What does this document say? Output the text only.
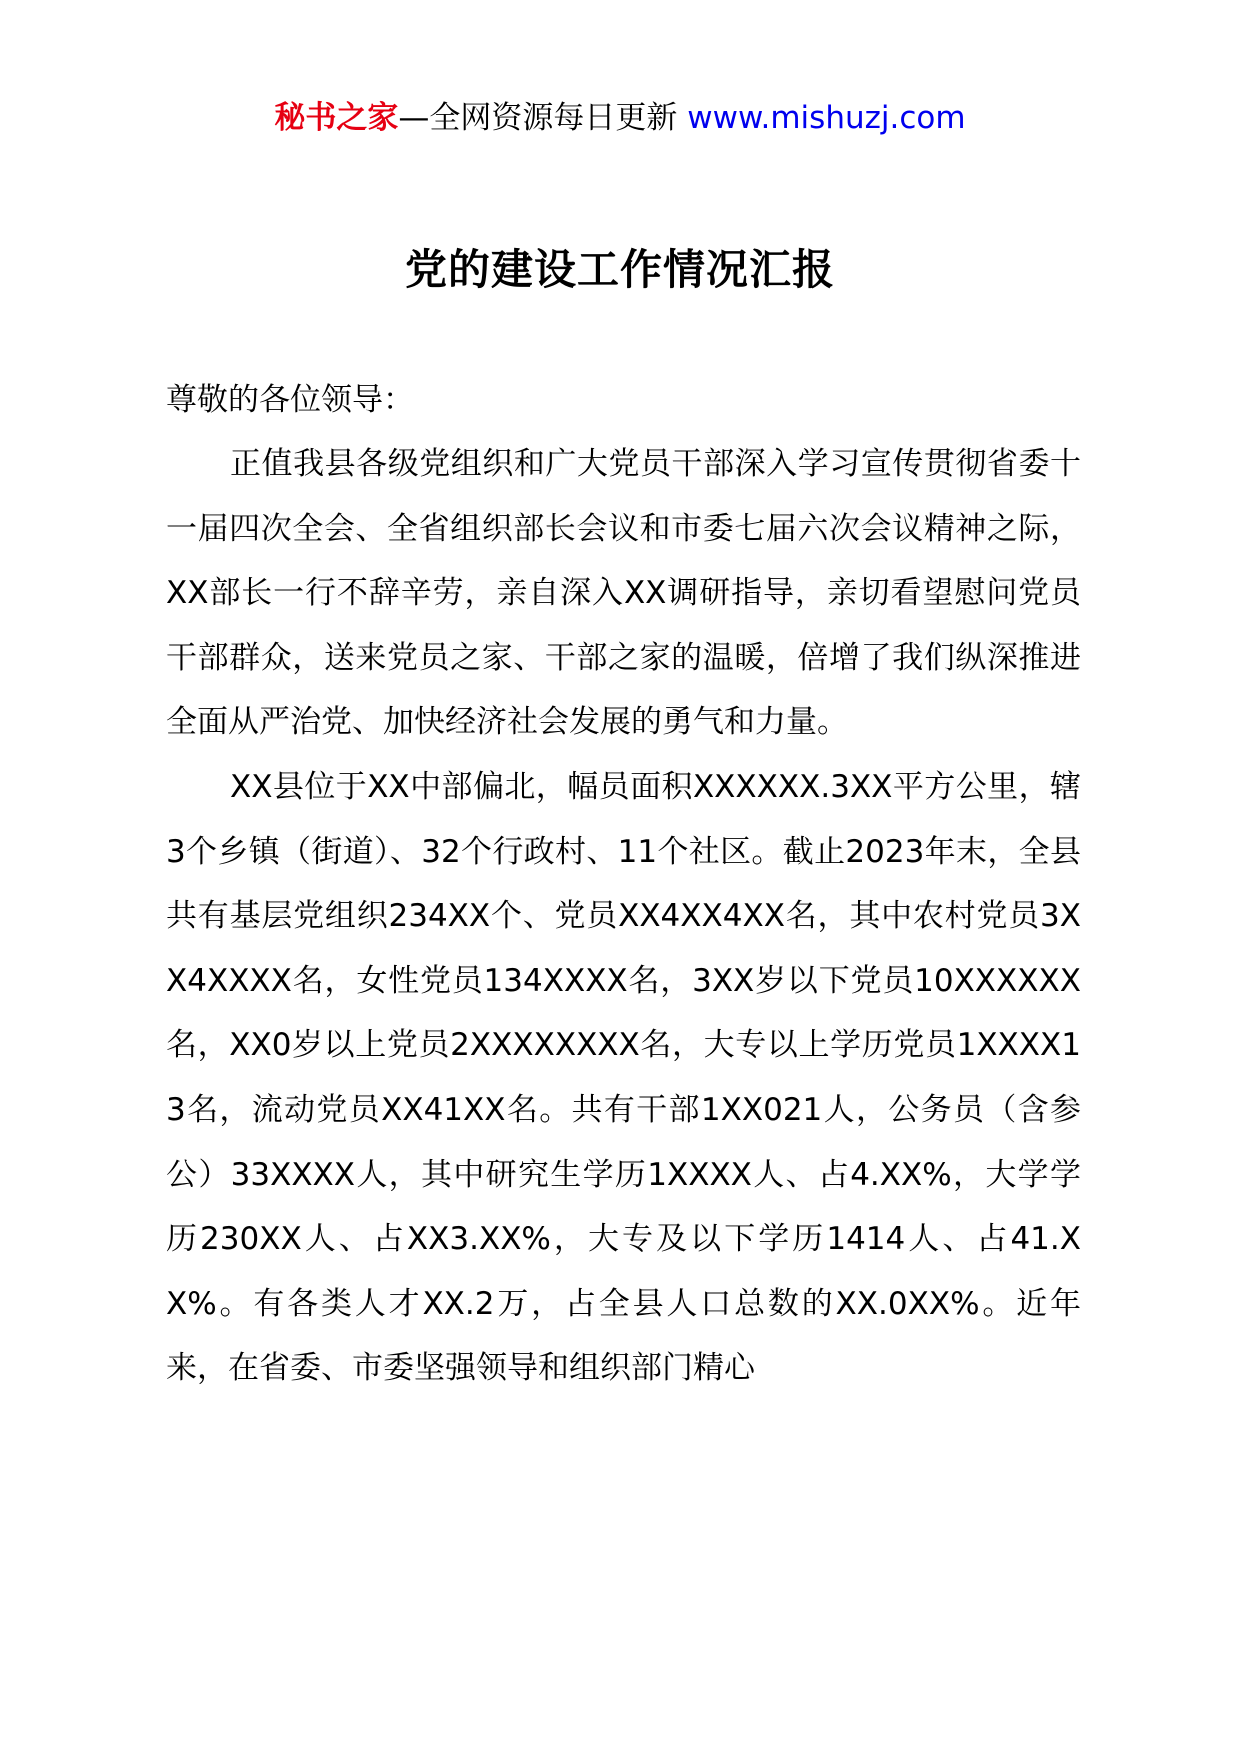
秘书之家—全网资源每日更新 www.mishuzj.com
党的建设工作情况汇报
尊敬的各位领导：

正值我县各级党组织和广大党员干部深入学习宣传贯彻省委十一届四次全会、全省组织部长会议和市委七届六次会议精神之际，XX部长一行不辞辛劳，亲自深入XX调研指导，亲切看望慰问党员干部群众，送来党员之家、干部之家的温暖，倍增了我们纵深推进全面从严治党、加快经济社会发展的勇气和力量。

XX县位于XX中部偏北，幅员面积XXXXXX.3XX平方公里，辖3个乡镇（街道）、32个行政村、11个社区。截止2023年末，全县共有基层党组织234XX个、党员XX4XX4XX名，其中农村党员3XX4XXXX名，女性党员134XXXX名，3XX岁以下党员10XXXXXX名，XX0岁以上党员2XXXXXXXX名，大专以上学历党员1XXXX13名，流动党员XX41XX名。共有干部1XX021人，公务员（含参公）33XXXX人，其中研究生学历1XXXX人、占4.XX%，大学学历230XX人、占XX3.XX%，大专及以下学历1414人、占41.XX%。有各类人才XX.2万，占全县人口总数的XX.0XX%。近年来，在省委、市委坚强领导和组织部门精心
